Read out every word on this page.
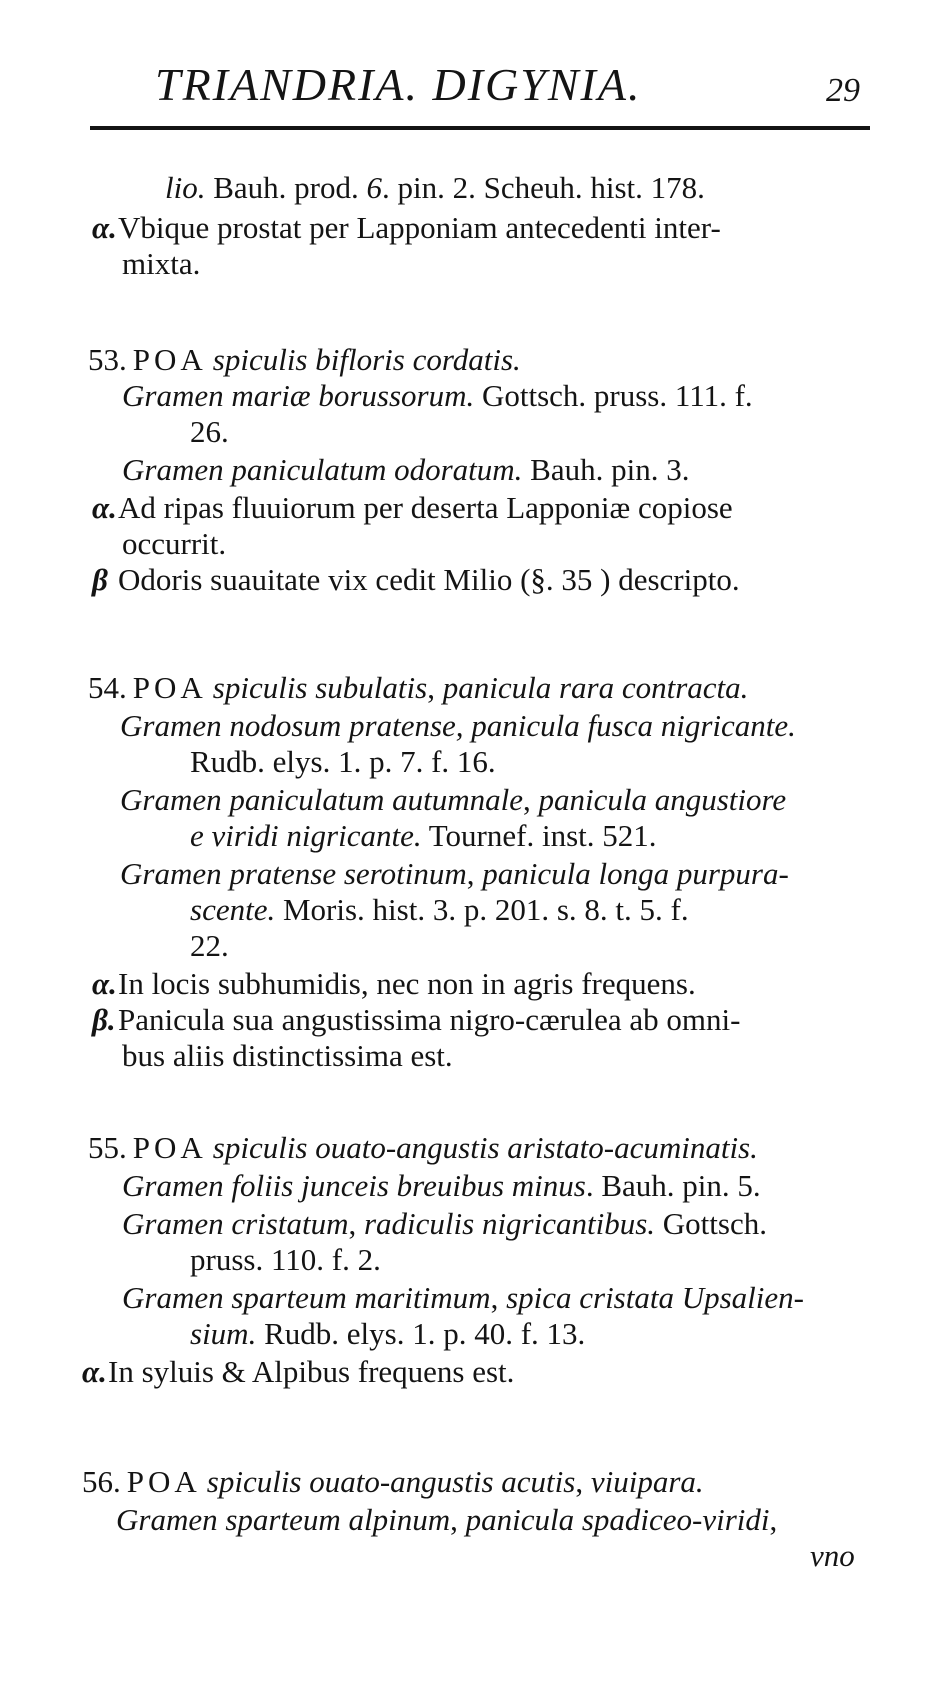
TRIANDRIA. DIGYNIA.	29
lio. Bauh. prod. 6. pin. 2. Scheuh. hist. 178.
α.Vbique prostat per Lapponiam antecedenti inter-
mixta.
53. POA spiculis bifloris cordatis.
Gramen mariæ borussorum. Gottsch. pruss. 111. f.
26.
Gramen paniculatum odoratum. Bauh. pin. 3.
α.Ad ripas fluuiorum per deserta Lapponiæ copiose
occurrit.
β Odoris suauitate vix cedit Milio (§. 35 ) descripto.
54. POA spiculis subulatis, panicula rara contracta.
Gramen nodosum pratense, panicula fusca nigricante.
Rudb. elys. 1. p. 7. f. 16.
Gramen paniculatum autumnale, panicula angustiore
e viridi nigricante. Tournef. inst. 521.
Gramen pratense serotinum, panicula longa purpura-
scente. Moris. hist. 3. p. 201. s. 8. t. 5. f.
22.
α.In locis subhumidis, nec non in agris frequens.
β.Panicula sua angustissima nigro-cærulea ab omni-
bus aliis distinctissima est.
55. POA spiculis ouato-angustis aristato-acuminatis.
Gramen foliis junceis breuibus minus. Bauh. pin. 5.
Gramen cristatum, radiculis nigricantibus. Gottsch.
pruss. 110. f. 2.
Gramen sparteum maritimum, spica cristata Upsalien-
sium. Rudb. elys. 1. p. 40. f. 13.
α.In syluis & Alpibus frequens est.
56. POA spiculis ouato-angustis acutis, viuipara.
Gramen sparteum alpinum, panicula spadiceo-viridi,
vno
